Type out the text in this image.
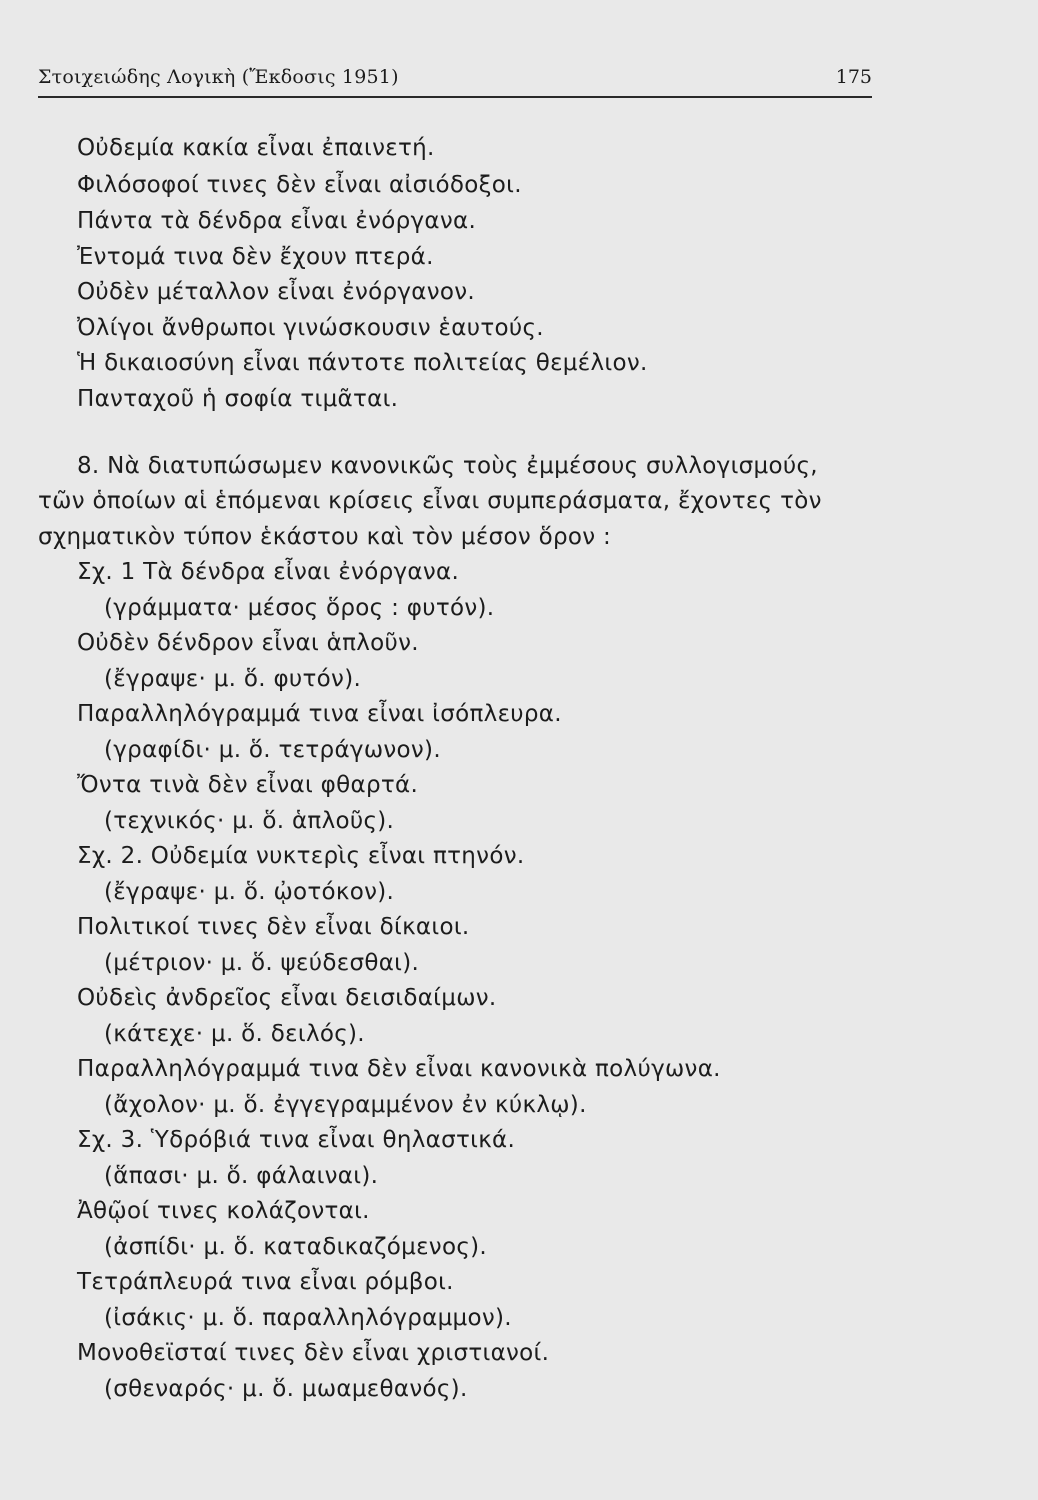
Στοιχειώδης Λογικὴ (Ἔκδοσις 1951)	175
Οὐδεμία κακία εἶναι ἐπαινετή.
Φιλόσοφοί τινες δὲν εἶναι αἰσιόδοξοι.
Πάντα τὰ δένδρα εἶναι ἐνόργανα.
Ἐντομά τινα δὲν ἔχουν πτερά.
Οὐδὲν μέταλλον εἶναι ἐνόργανον.
Ὀλίγοι ἄνθρωποι γινώσκουσιν ἑαυτούς.
Ἡ δικαιοσύνη εἶναι πάντοτε πολιτείας θεμέλιον.
Πανταχοῦ ἡ σοφία τιμᾶται.
8. Νὰ διατυπώσωμεν κανονικῶς τοὺς ἐμμέσους συλλογισμούς,
τῶν ὁποίων αἱ ἑπόμεναι κρίσεις εἶναι συμπεράσματα, ἔχοντες τὸν
σχηματικὸν τύπον ἑκάστου καὶ τὸν μέσον ὅρον :
Σχ. 1 Τὰ δένδρα εἶναι ἐνόργανα.
(γράμματα· μέσος ὅρος : φυτόν).
Οὐδὲν δένδρον εἶναι ἁπλοῦν.
(ἔγραψε· μ. ὅ. φυτόν).
Παραλληλόγραμμά τινα εἶναι ἰσόπλευρα.
(γραφίδι· μ. ὅ. τετράγωνον).
Ὄντα τινὰ δὲν εἶναι φθαρτά.
(τεχνικός· μ. ὅ. ἁπλοῦς).
Σχ. 2. Οὐδεμία νυκτερὶς εἶναι πτηνόν.
(ἔγραψε· μ. ὅ. ᾠοτόκον).
Πολιτικοί τινες δὲν εἶναι δίκαιοι.
(μέτριον· μ. ὅ. ψεύδεσθαι).
Οὐδεὶς ἀνδρεῖος εἶναι δεισιδαίμων.
(κάτεχε· μ. ὅ. δειλός).
Παραλληλόγραμμά τινα δὲν εἶναι κανονικὰ πολύγωνα.
(ἄχολον· μ. ὅ. ἐγγεγραμμένον ἐν κύκλῳ).
Σχ. 3. Ὑδρόβιά τινα εἶναι θηλαστικά.
(ἅπασι· μ. ὅ. φάλαιναι).
Ἀθῷοί τινες κολάζονται.
(ἀσπίδι· μ. ὅ. καταδικαζόμενος).
Τετράπλευρά τινα εἶναι ρόμβοι.
(ἰσάκις· μ. ὅ. παραλληλόγραμμον).
Μονοθεϊσταί τινες δὲν εἶναι χριστιανοί.
(σθεναρός· μ. ὅ. μωαμεθανός).
